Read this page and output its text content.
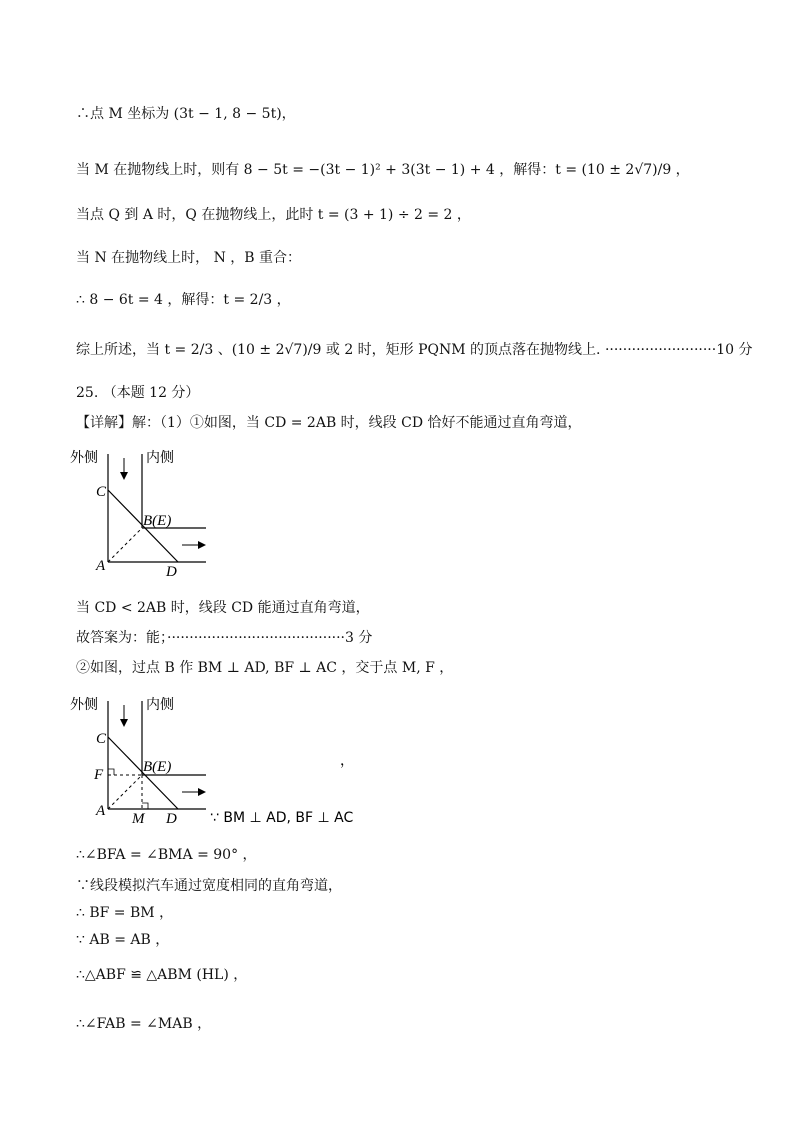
∴点 M 坐标为 (3t − 1, 8 − 5t)，
当 M 在抛物线上时，则有 8 − 5t = −(3t − 1)² + 3(3t − 1) + 4 ，解得：t = (10 ± 2√7)/9 ，
当点 Q 到 A 时，Q 在抛物线上，此时 t = (3 + 1) ÷ 2 = 2 ，
当 N 在抛物线上时， N ，B 重合：
∴ 8 − 6t = 4 ，解得：t = 2/3 ，
综上所述，当 t = 2/3 、(10 ± 2√7)/9 或 2 时，矩形 PQNM 的顶点落在抛物线上. ·························10 分
25. （本题 12 分）
【详解】解：（1）①如图，当 CD = 2AB 时，线段 CD 恰好不能通过直角弯道，
外侧	内侧
C
B(E)
A	D
当 CD < 2AB 时，线段 CD 能通过直角弯道，
故答案为：能；········································3 分
②如图，过点 B 作 BM ⊥ AD, BF ⊥ AC ，交于点 M, F ，
外侧	内侧
C
F	B(E)
A M D
，
∵ BM ⊥ AD, BF ⊥ AC
∴∠BFA = ∠BMA = 90° ，
∵线段模拟汽车通过宽度相同的直角弯道，
∴ BF = BM ，
∵ AB = AB ，
∴△ABF ≌ △ABM (HL) ，
∴∠FAB = ∠MAB ，
